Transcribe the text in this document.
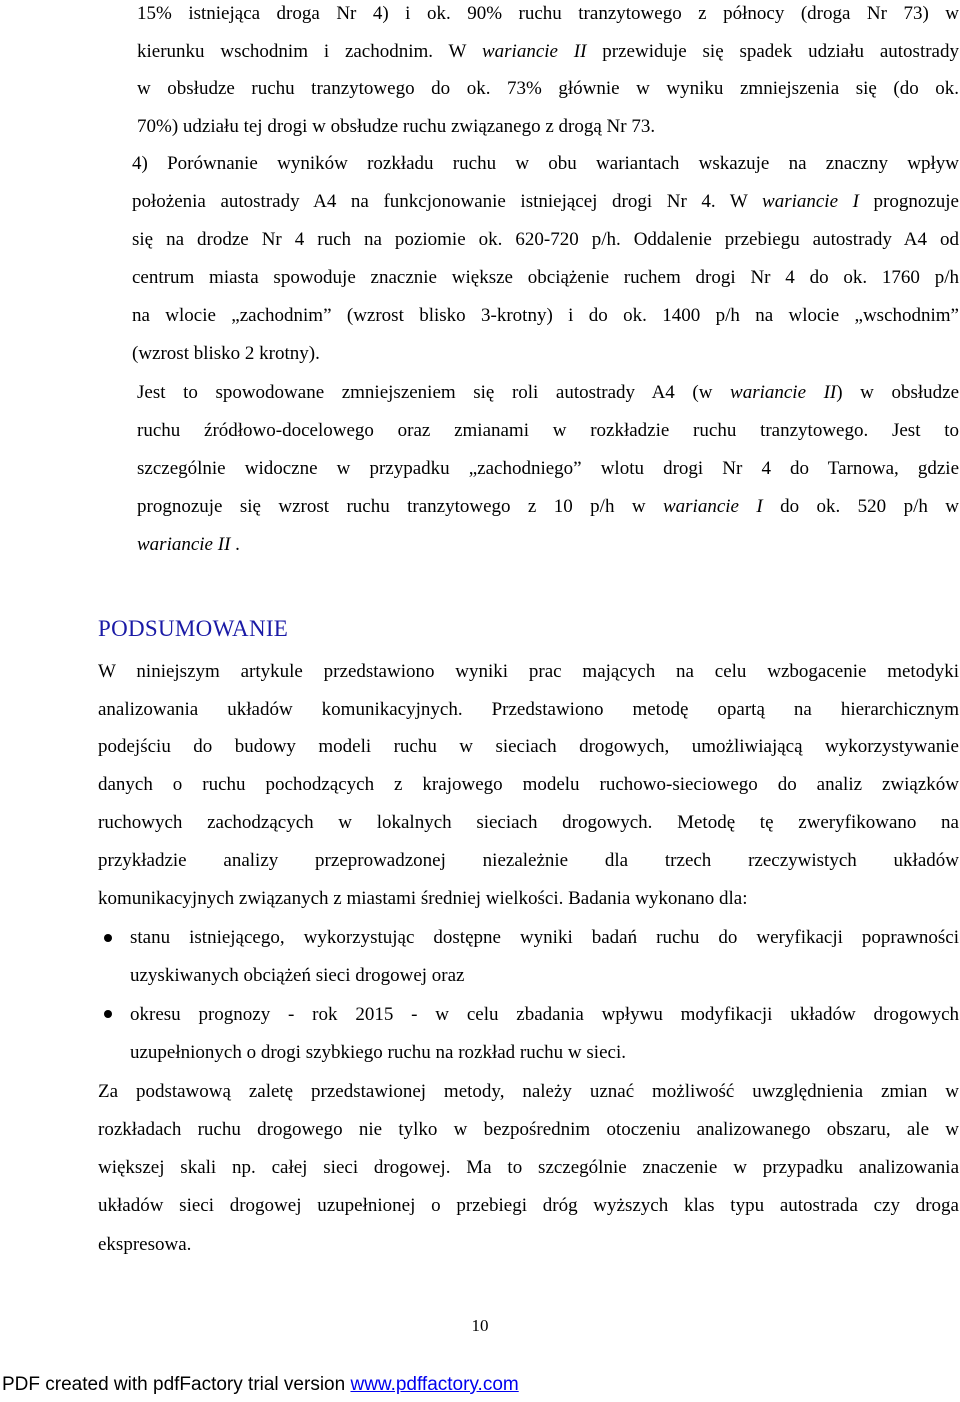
15% istniejąca droga Nr 4) i ok. 90% ruchu tranzytowego z północy (droga Nr 73) w
kierunku wschodnim i zachodnim. W wariancie II przewiduje się spadek udziału autostrady
w obsłudze ruchu tranzytowego do ok. 73% głównie w wyniku zmniejszenia się (do ok.
70%) udziału tej drogi w obsłudze ruchu związanego z drogą Nr 73.
4) Porównanie wyników rozkładu ruchu w obu wariantach wskazuje na znaczny wpływ
położenia autostrady A4 na funkcjonowanie istniejącej drogi Nr 4. W wariancie I prognozuje
się na drodze Nr 4 ruch na poziomie ok. 620-720 p/h. Oddalenie przebiegu autostrady A4 od
centrum miasta spowoduje znacznie większe obciążenie ruchem drogi Nr 4 do ok. 1760 p/h
na wlocie „zachodnim” (wzrost blisko 3-krotny) i do ok. 1400 p/h na wlocie „wschodnim”
(wzrost blisko 2 krotny).
Jest to spowodowane zmniejszeniem się roli autostrady A4 (w wariancie II) w obsłudze
ruchu źródłowo-docelowego oraz zmianami w rozkładzie ruchu tranzytowego. Jest to
szczególnie widoczne w przypadku „zachodniego” wlotu drogi Nr 4 do Tarnowa, gdzie
prognozuje się wzrost ruchu tranzytowego z 10 p/h w wariancie I do ok. 520 p/h w
wariancie II .
PODSUMOWANIE
W niniejszym artykule przedstawiono wyniki prac mających na celu wzbogacenie metodyki
analizowania układów komunikacyjnych. Przedstawiono metodę opartą na hierarchicznym
podejściu do budowy modeli ruchu w sieciach drogowych, umożliwiającą wykorzystywanie
danych o ruchu pochodzących z krajowego modelu ruchowo-sieciowego do analiz związków
ruchowych zachodzących w lokalnych sieciach drogowych. Metodę tę zweryfikowano na
przykładzie analizy przeprowadzonej niezależnie dla trzech rzeczywistych układów
komunikacyjnych związanych z miastami średniej wielkości. Badania wykonano dla:
stanu istniejącego, wykorzystując dostępne wyniki badań ruchu do weryfikacji poprawności
uzyskiwanych obciążeń sieci drogowej oraz
okresu prognozy - rok 2015 - w celu zbadania wpływu modyfikacji układów drogowych
uzupełnionych o drogi szybkiego ruchu na rozkład ruchu w sieci.
Za podstawową zaletę przedstawionej metody, należy uznać możliwość uwzględnienia zmian w
rozkładach ruchu drogowego nie tylko w bezpośrednim otoczeniu analizowanego obszaru, ale w
większej skali np. całej sieci drogowej. Ma to szczególnie znaczenie w przypadku analizowania
układów sieci drogowej uzupełnionej o przebiegi dróg wyższych klas typu autostrada czy droga
ekspresowa.
10
PDF created with pdfFactory trial version www.pdffactory.com
